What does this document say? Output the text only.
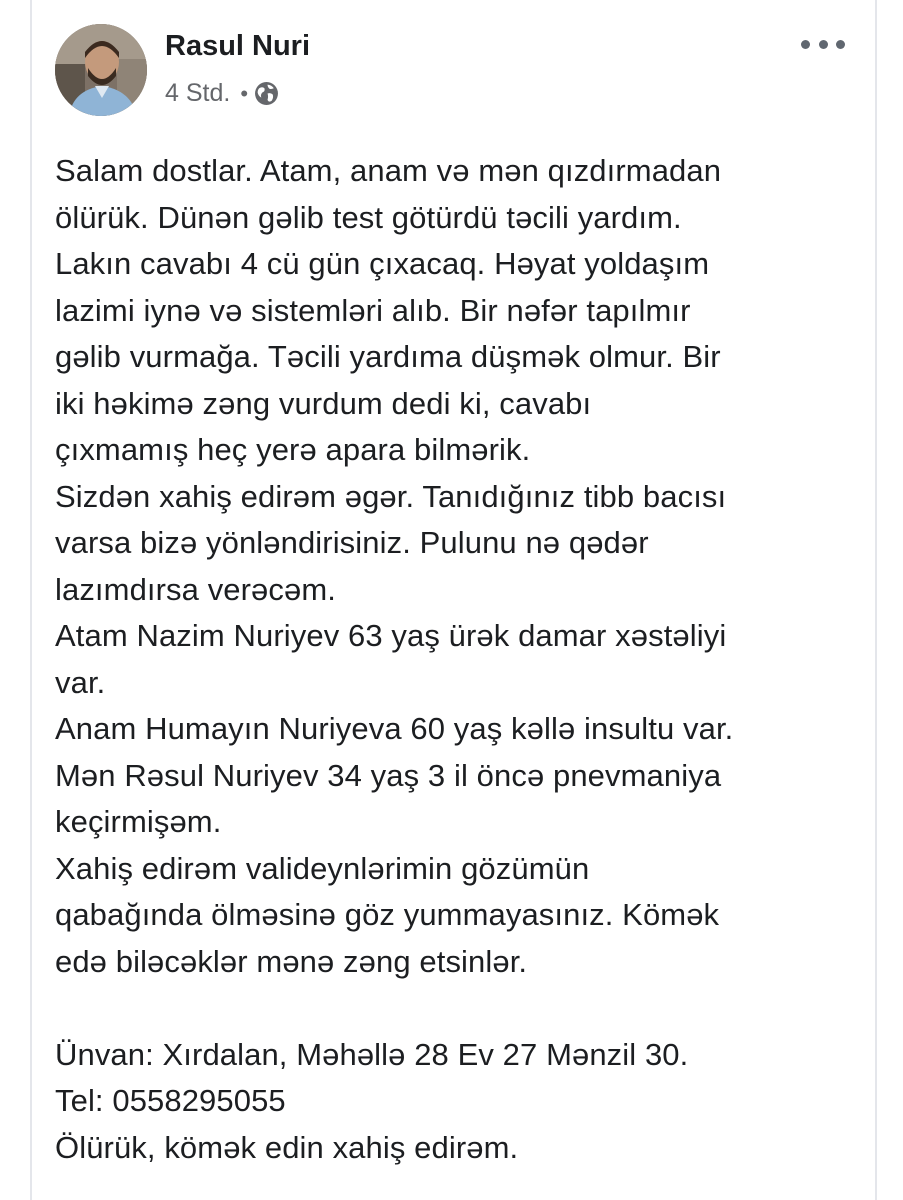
Rasul Nuri
4 Std. •
Salam dostlar. Atam, anam və mən qızdırmadan
ölürük. Dünən gəlib test götürdü təcili yardım.
Lakın cavabı 4 cü gün çıxacaq. Həyat yoldaşım
lazimi iynə və sistemləri alıb. Bir nəfər tapılmır
gəlib vurmağa. Təcili yardıma düşmək olmur. Bir
iki həkimə zəng vurdum dedi ki, cavabı
çıxmamış heç yerə apara bilmərik.
Sizdən xahiş edirəm əgər. Tanıdığınız tibb bacısı
varsa bizə yönləndirisiniz. Pulunu nə qədər
lazımdırsa verəcəm.
Atam Nazim Nuriyev 63 yaş ürək damar xəstəliyi
var.
Anam Humayın Nuriyeva 60 yaş kəllə insultu var.
Mən Rəsul Nuriyev 34 yaş 3 il öncə pnevmaniya
keçirmişəm.
Xahiş edirəm valideynlərimin gözümün
qabağında ölməsinə göz yummayasınız. Kömək
edə biləcəklər mənə zəng etsinlər.
Ünvan: Xırdalan, Məhəllə 28 Ev 27 Mənzil 30.
Tel: 0558295055
Ölürük, kömək edin xahiş edirəm.
